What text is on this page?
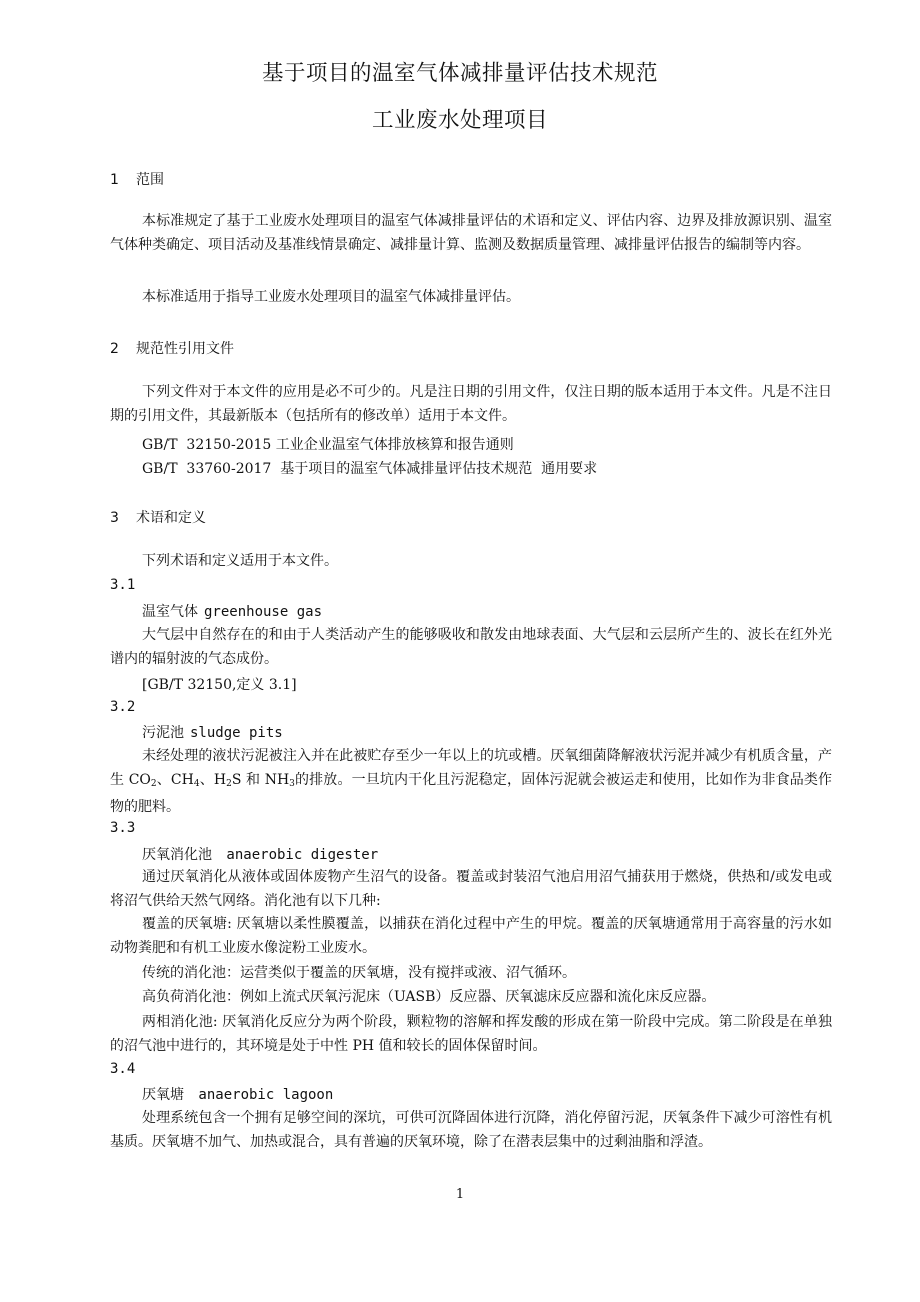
基于项目的温室气体减排量评估技术规范
工业废水处理项目
1 范围

本标准规定了基于工业废水处理项目的温室气体减排量评估的术语和定义、评估内容、边界及排放源识别、温室气体种类确定、项目活动及基准线情景确定、减排量计算、监测及数据质量管理、减排量评估报告的编制等内容。

本标准适用于指导工业废水处理项目的温室气体减排量评估。

2 规范性引用文件

下列文件对于本文件的应用是必不可少的。凡是注日期的引用文件，仅注日期的版本适用于本文件。凡是不注日期的引用文件，其最新版本（包括所有的修改单）适用于本文件。

GB/T  32150-2015 工业企业温室气体排放核算和报告通则
GB/T  33760-2017  基于项目的温室气体减排量评估技术规范  通用要求
3 术语和定义

下列术语和定义适用于本文件。

3.1
温室气体 greenhouse gas

大气层中自然存在的和由于人类活动产生的能够吸收和散发由地球表面、大气层和云层所产生的、波长在红外光谱内的辐射波的气态成份。

[GB/T 32150,定义 3.1]
3.2
污泥池 sludge pits

未经处理的液状污泥被注入并在此被贮存至少一年以上的坑或槽。厌氧细菌降解液状污泥并减少有机质含量，产生 $CO_2$、$CH_4$、$H_2S$ 和 $NH_3$的排放。一旦坑内干化且污泥稳定，固体污泥就会被运走和使用，比如作为非食品类作物的肥料。

3.3
厌氧消化池 anaerobic digester

通过厌氧消化从液体或固体废物产生沼气的设备。覆盖或封装沼气池启用沼气捕获用于燃烧，供热和/或发电或将沼气供给天然气网络。消化池有以下几种:

覆盖的厌氧塘: 厌氧塘以柔性膜覆盖，以捕获在消化过程中产生的甲烷。覆盖的厌氧塘通常用于高容量的污水如动物粪肥和有机工业废水像淀粉工业废水。

传统的消化池：运营类似于覆盖的厌氧塘，没有搅拌或液、沼气循环。

高负荷消化池：例如上流式厌氧污泥床（UASB）反应器、厌氧滤床反应器和流化床反应器。

两相消化池: 厌氧消化反应分为两个阶段，颗粒物的溶解和挥发酸的形成在第一阶段中完成。第二阶段是在单独的沼气池中进行的，其环境是处于中性 PH 值和较长的固体保留时间。

3.4
厌氧塘 anaerobic lagoon

处理系统包含一个拥有足够空间的深坑，可供可沉降固体进行沉降，消化停留污泥，厌氧条件下减少可溶性有机基质。厌氧塘不加气、加热或混合，具有普遍的厌氧环境，除了在潜表层集中的过剩油脂和浮渣。

1
